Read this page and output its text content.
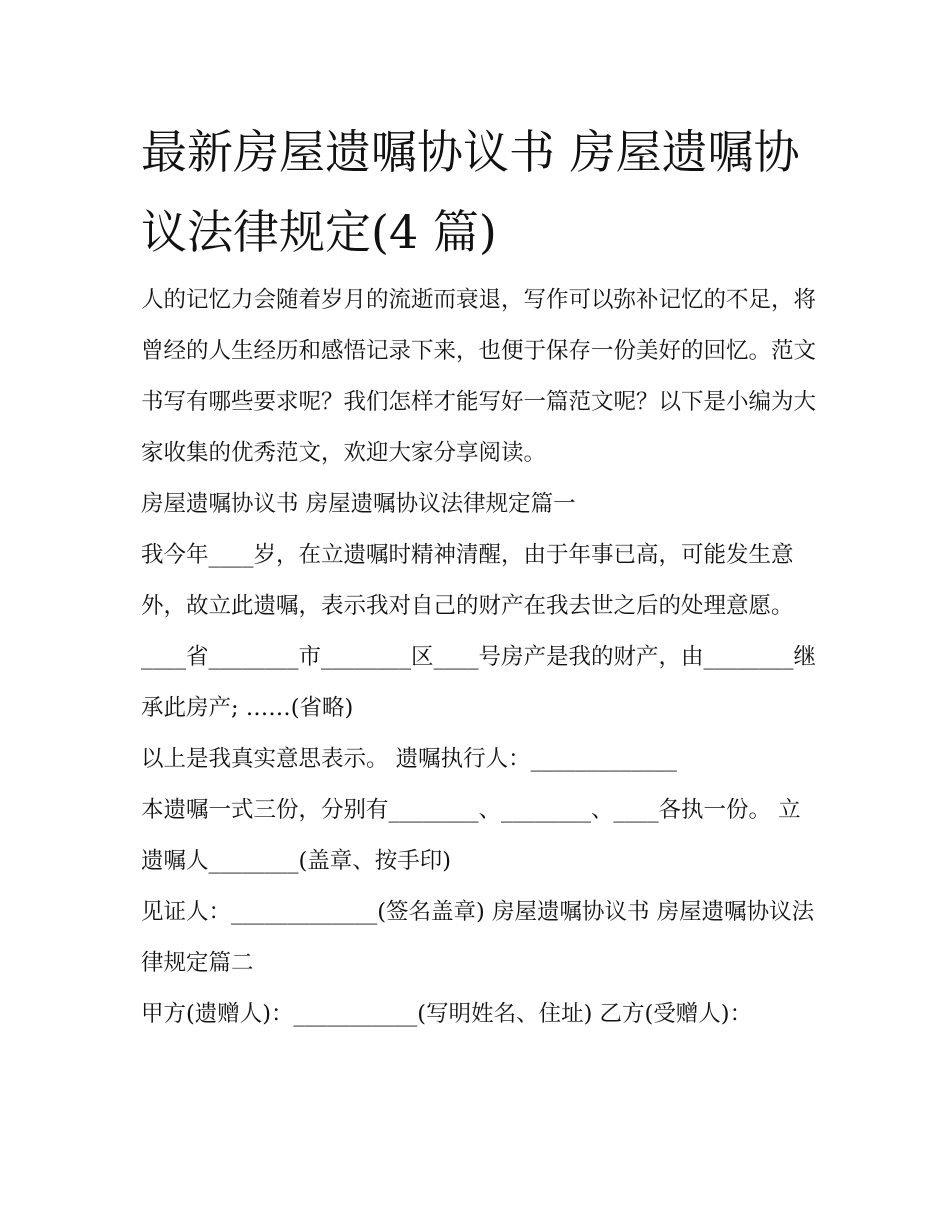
最新房屋遗嘱协议书 房屋遗嘱协议法律规定(4 篇)

人的记忆力会随着岁月的流逝而衰退，写作可以弥补记忆的不足，将曾经的人生经历和感悟记录下来，也便于保存一份美好的回忆。范文书写有哪些要求呢？我们怎样才能写好一篇范文呢？以下是小编为大家收集的优秀范文，欢迎大家分享阅读。

房屋遗嘱协议书 房屋遗嘱协议法律规定篇一

我今年____岁，在立遗嘱时精神清醒，由于年事已高，可能发生意外，故立此遗嘱，表示我对自己的财产在我去世之后的处理意愿。

____省________市________区____号房产是我的财产，由________继承此房产; ……(省略)

以上是我真实意思表示。 遗嘱执行人：_____________

本遗嘱一式三份，分别有________、________、____各执一份。 立遗嘱人________(盖章、按手印)

见证人：_____________(签名盖章) 房屋遗嘱协议书 房屋遗嘱协议法律规定篇二

甲方(遗赠人)：___________(写明姓名、住址) 乙方(受赠人)：
